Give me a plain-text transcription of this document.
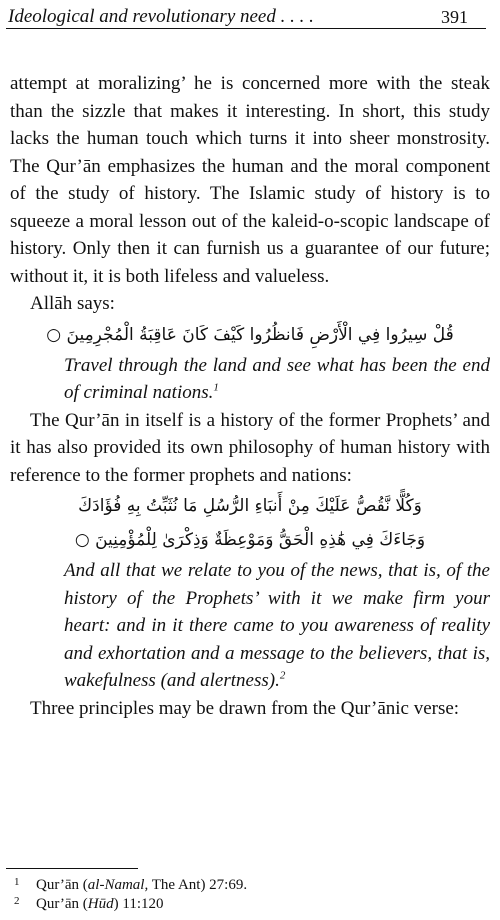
Ideological and revolutionary need . . . .	391

attempt at moralizing’ he is concerned more with the steak than the sizzle that makes it interesting. In short, this study lacks the human touch which turns it into sheer monstrosity. The Qur’ān emphasizes the human and the moral component of the study of history. The Islamic study of history is to squeeze a moral lesson out of the kaleid-o-scopic landscape of history. Only then it can furnish us a guarantee of our future; without it, it is both lifeless and valueless.

Allāh says:

قُلْ سِيرُوا فِي الْأَرْضِ فَانظُرُوا كَيْفَ كَانَ عَاقِبَةُ الْمُجْرِمِينَ ○

Travel through the land and see what has been the end of criminal nations.$^1$

The Qur’ān in itself is a history of the former Prophets’ and it has also provided its own philosophy of human history with reference to the former prophets and nations:

وَكُلًّا نَّقُصُّ عَلَيْكَ مِنْ أَنبَاءِ الرُّسُلِ مَا نُثَبِّتُ بِهِ فُؤَادَكَ

وَجَاءَكَ فِي هَٰذِهِ الْحَقُّ وَمَوْعِظَةٌ وَذِكْرَىٰ لِلْمُؤْمِنِينَ ○

And all that we relate to you of the news, that is, of the history of the Prophets’ with it we make firm your heart: and in it there came to you awareness of reality and exhortation and a message to the believers, that is, wakefulness (and alertness).$^2$

Three principles may be drawn from the Qur’ānic verse:

1	Qur’ān (al-Namal, The Ant) 27:69.
2	Qur’ān (Hūd) 11:120
